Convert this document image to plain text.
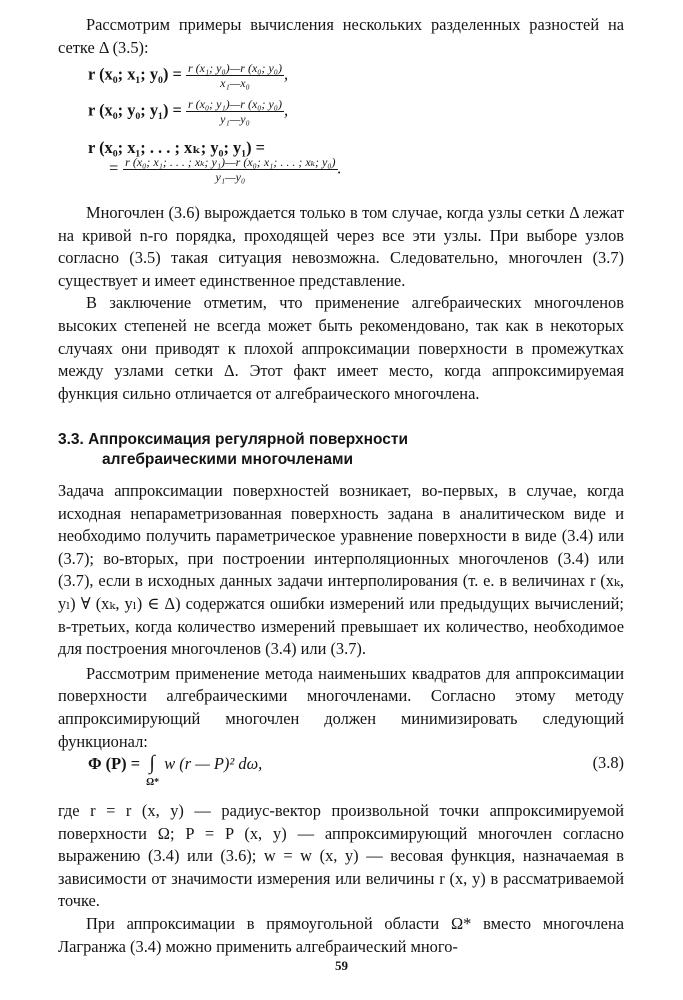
Рассмотрим примеры вычисления нескольких разделенных разностей на сетке Δ (3.5):

r (x₀; x₁; $y_0) = \frac{\text{r (x₁; y₀)—r (x₀; y₀)}}{\text{x₁—x₀}}$ ,
r (x₀; y₀; $y_1) = \frac{\text{r (x₀; y₁)—r (x₀; y₀)}}{\text{y₁—y₀}}$ ,
r (x₀; x₁; . . . ; xₖ; y₀; y₁) =
= $\frac{\text{r (x₀; x₁; . . . ; xₖ; y₁)—r (x₀; x₁; . . . ; xₖ; y₀)}}{\text{y₁—y₀}}$ .

Многочлен (3.6) вырождается только в том случае, когда узлы сетки Δ лежат на кривой n-го порядка, проходящей через все эти узлы. При выборе узлов согласно (3.5) такая ситуация невозможна. Следовательно, многочлен (3.7) существует и имеет единственное представление.

В заключение отметим, что применение алгебраических многочленов высоких степеней не всегда может быть рекомендовано, так как в некоторых случаях они приводят к плохой аппроксимации поверхности в промежутках между узлами сетки Δ. Этот факт имеет место, когда аппроксимируемая функция сильно отличается от алгебраического многочлена.

3.3. Аппроксимация регулярной поверхности
алгебраическими многочленами

Задача аппроксимации поверхностей возникает, во-первых, в случае, когда исходная непараметризованная поверхность задана в аналитическом виде и необходимо получить параметрическое уравнение поверхности в виде (3.4) или (3.7); во-вторых, при построении интерполяционных многочленов (3.4) или (3.7), если в исходных данных задачи интерполирования (т. е. в величинах r (xₖ, yₗ) ∀ (xₖ, yₗ) ∈ Δ) содержатся ошибки измерений или предыдущих вычислений; в-третьих, когда количество измерений превышает их количество, необходимое для построения многочленов (3.4) или (3.7).

Рассмотрим применение метода наименьших квадратов для аппроксимации поверхности алгебраическими многочленами. Согласно этому методу аппроксимирующий многочлен должен минимизировать следующий функционал:

Φ (P) = ∫
Ω*
w (r — P)² dω,	(3.8)

где r = r (x, y) — радиус-вектор произвольной точки аппроксимируемой поверхности Ω; P = P (x, y) — аппроксимирующий многочлен согласно выражению (3.4) или (3.6); w = w (x, y) — весовая функция, назначаемая в зависимости от значимости измерения или величины r (x, y) в рассматриваемой точке.

При аппроксимации в прямоугольной области Ω* вместо многочлена Лагранжа (3.4) можно применить алгебраический много-

59
